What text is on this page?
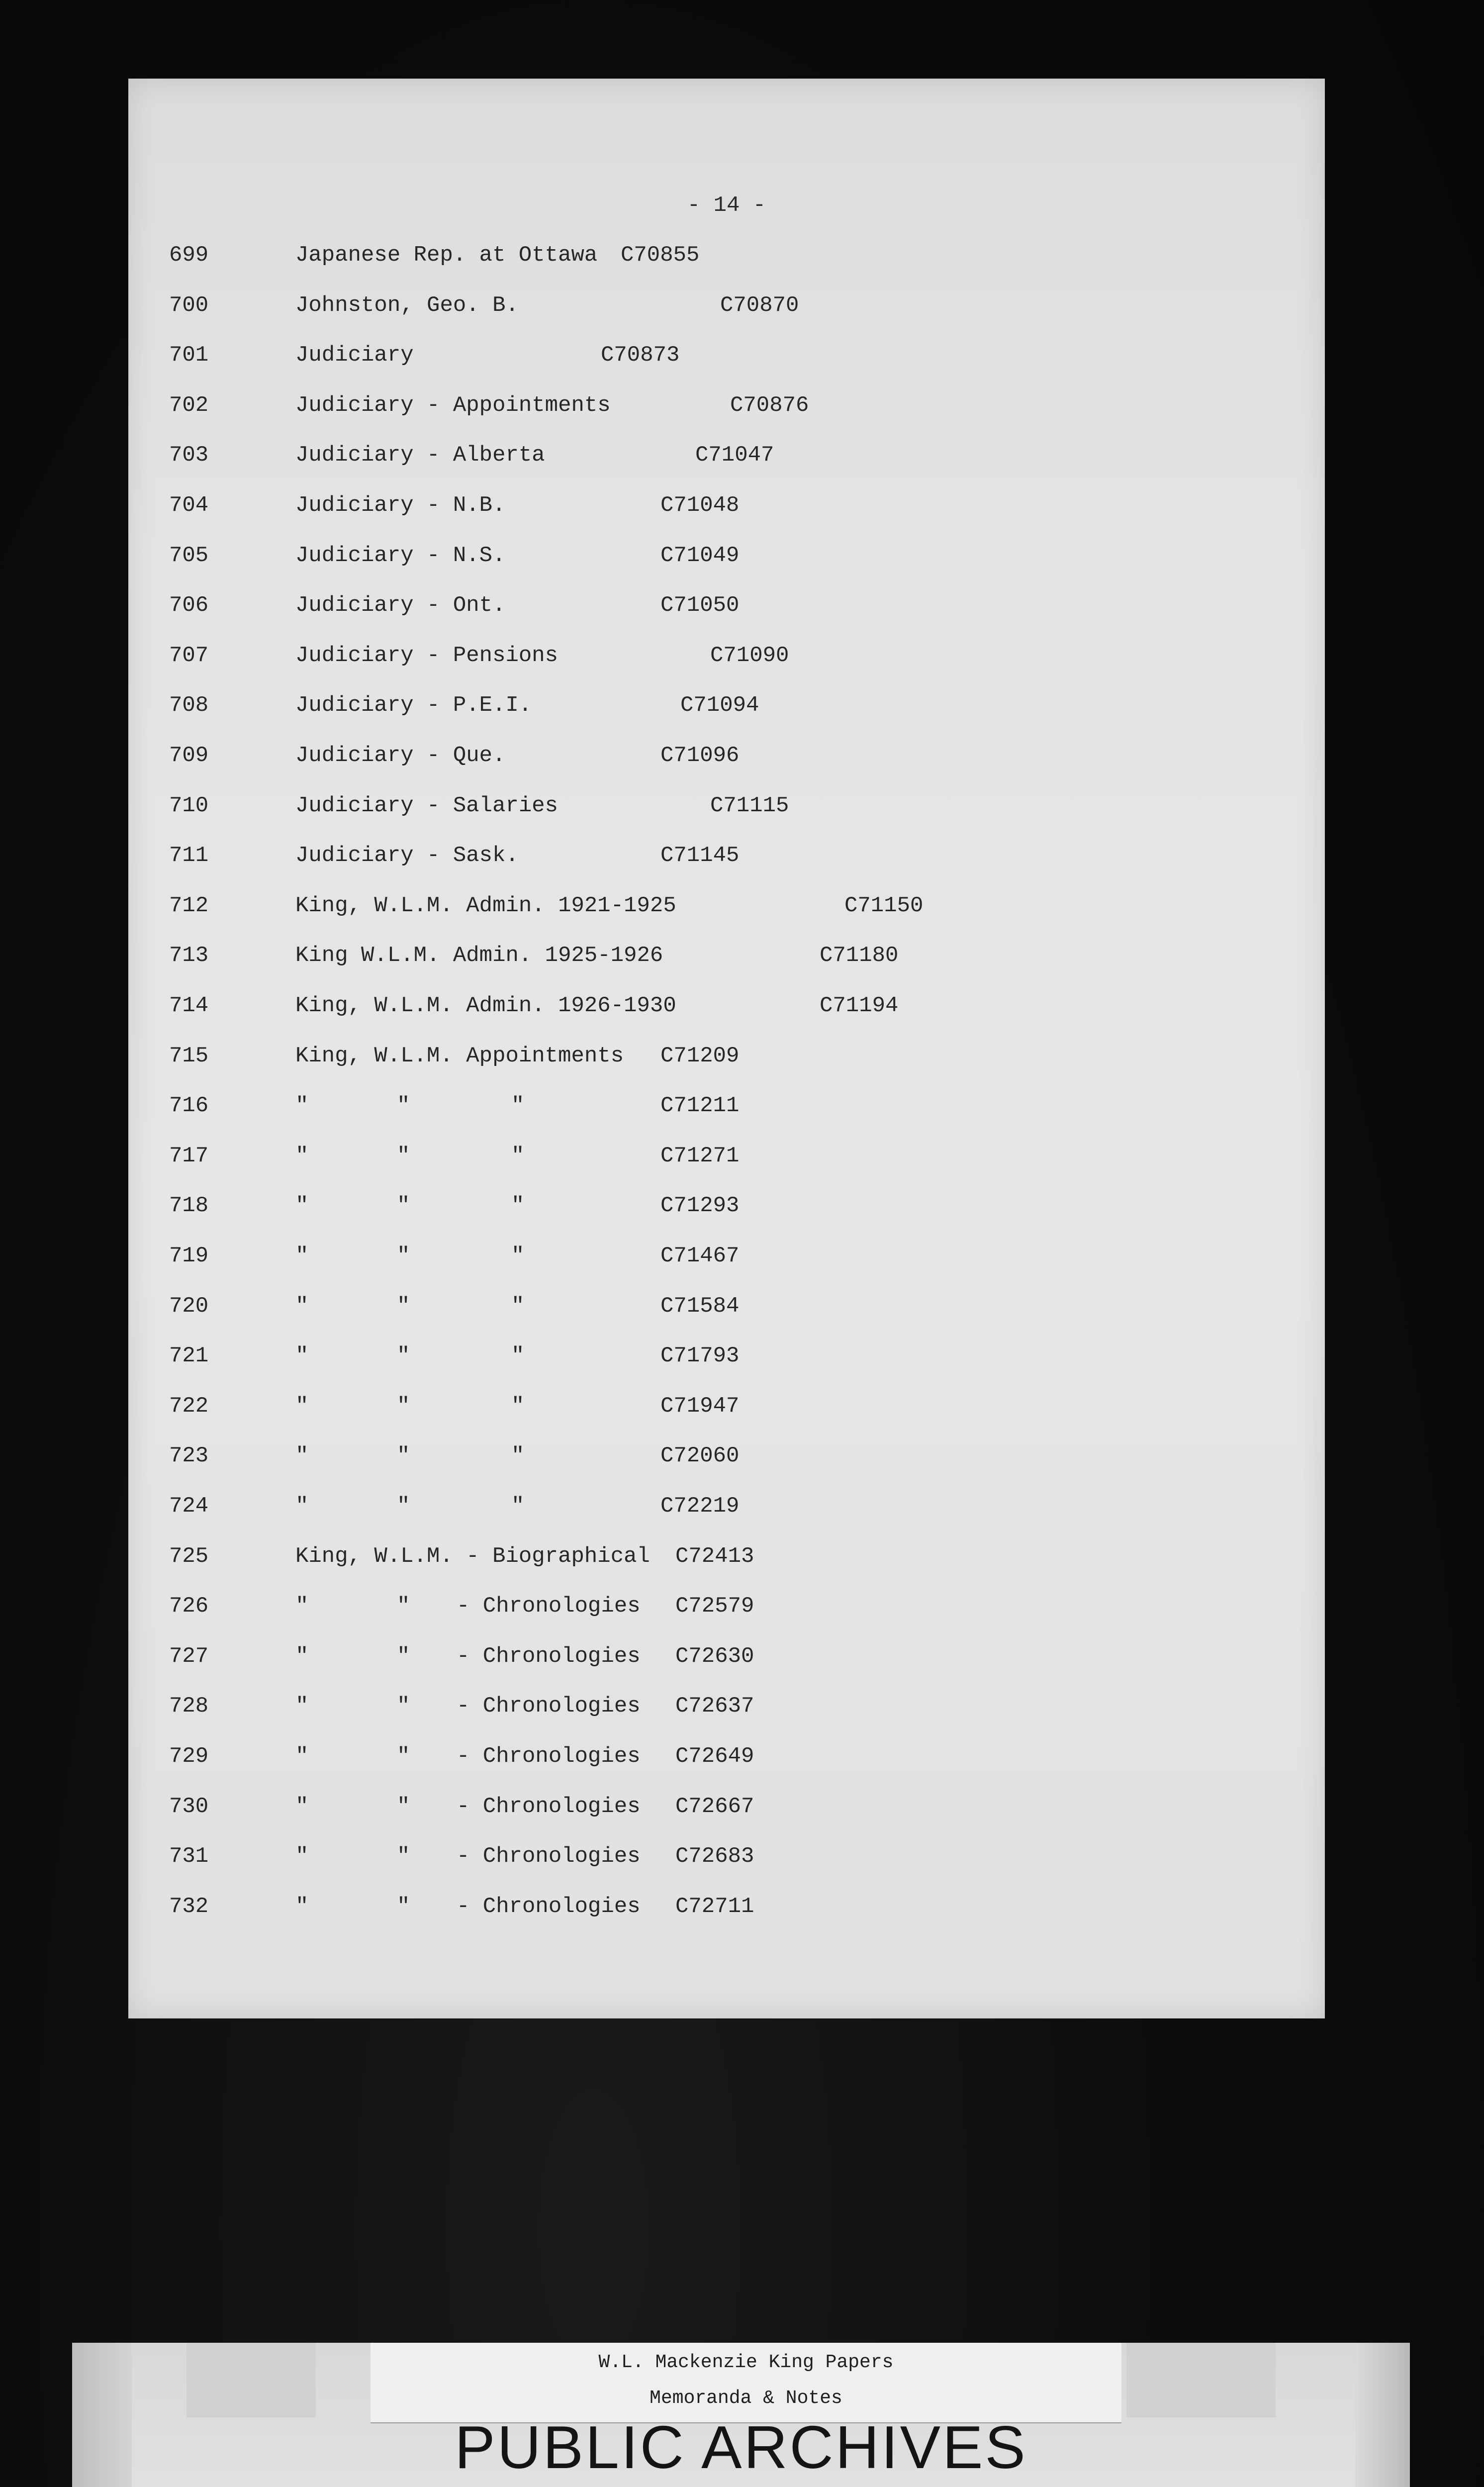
- 14 -
699	Japanese Rep. at Ottawa C70855
700	Johnston, Geo. B.	C70870
701	Judiciary	C70873
702	Judiciary - Appointments	C70876
703	Judiciary - Alberta	C71047
704	Judiciary - N.B.	C71048
705	Judiciary - N.S.	C71049
706	Judiciary - Ont.	C71050
707	Judiciary - Pensions	C71090
708	Judiciary - P.E.I.	C71094
709	Judiciary - Que.	C71096
710	Judiciary - Salaries	C71115
711	Judiciary - Sask.	C71145
712	King, W.L.M. Admin. 1921-1925	C71150
713	King W.L.M. Admin. 1925-1926	C71180
714	King, W.L.M. Admin. 1926-1930	C71194
715	King, W.L.M. Appointments C71209
716	"	"	"	C71211
717	"	"	"	C71271
718	"	"	"	C71293
719	"	"	"	C71467
720	"	"	"	C71584
721	"	"	"	C71793
722	"	"	"	C71947
723	"	"	"	C72060
724	"	"	"	C72219
725	King, W.L.M. - Biographical C72413
726	"	" - Chronologies C72579
727	"	" - Chronologies C72630
728	"	" - Chronologies C72637
729	"	" - Chronologies C72649
730	"	" - Chronologies C72667
731	"	" - Chronologies C72683
732	"	" - Chronologies C72711
W.L. Mackenzie King Papers
Memoranda & Notes
PUBLIC ARCHIVES
